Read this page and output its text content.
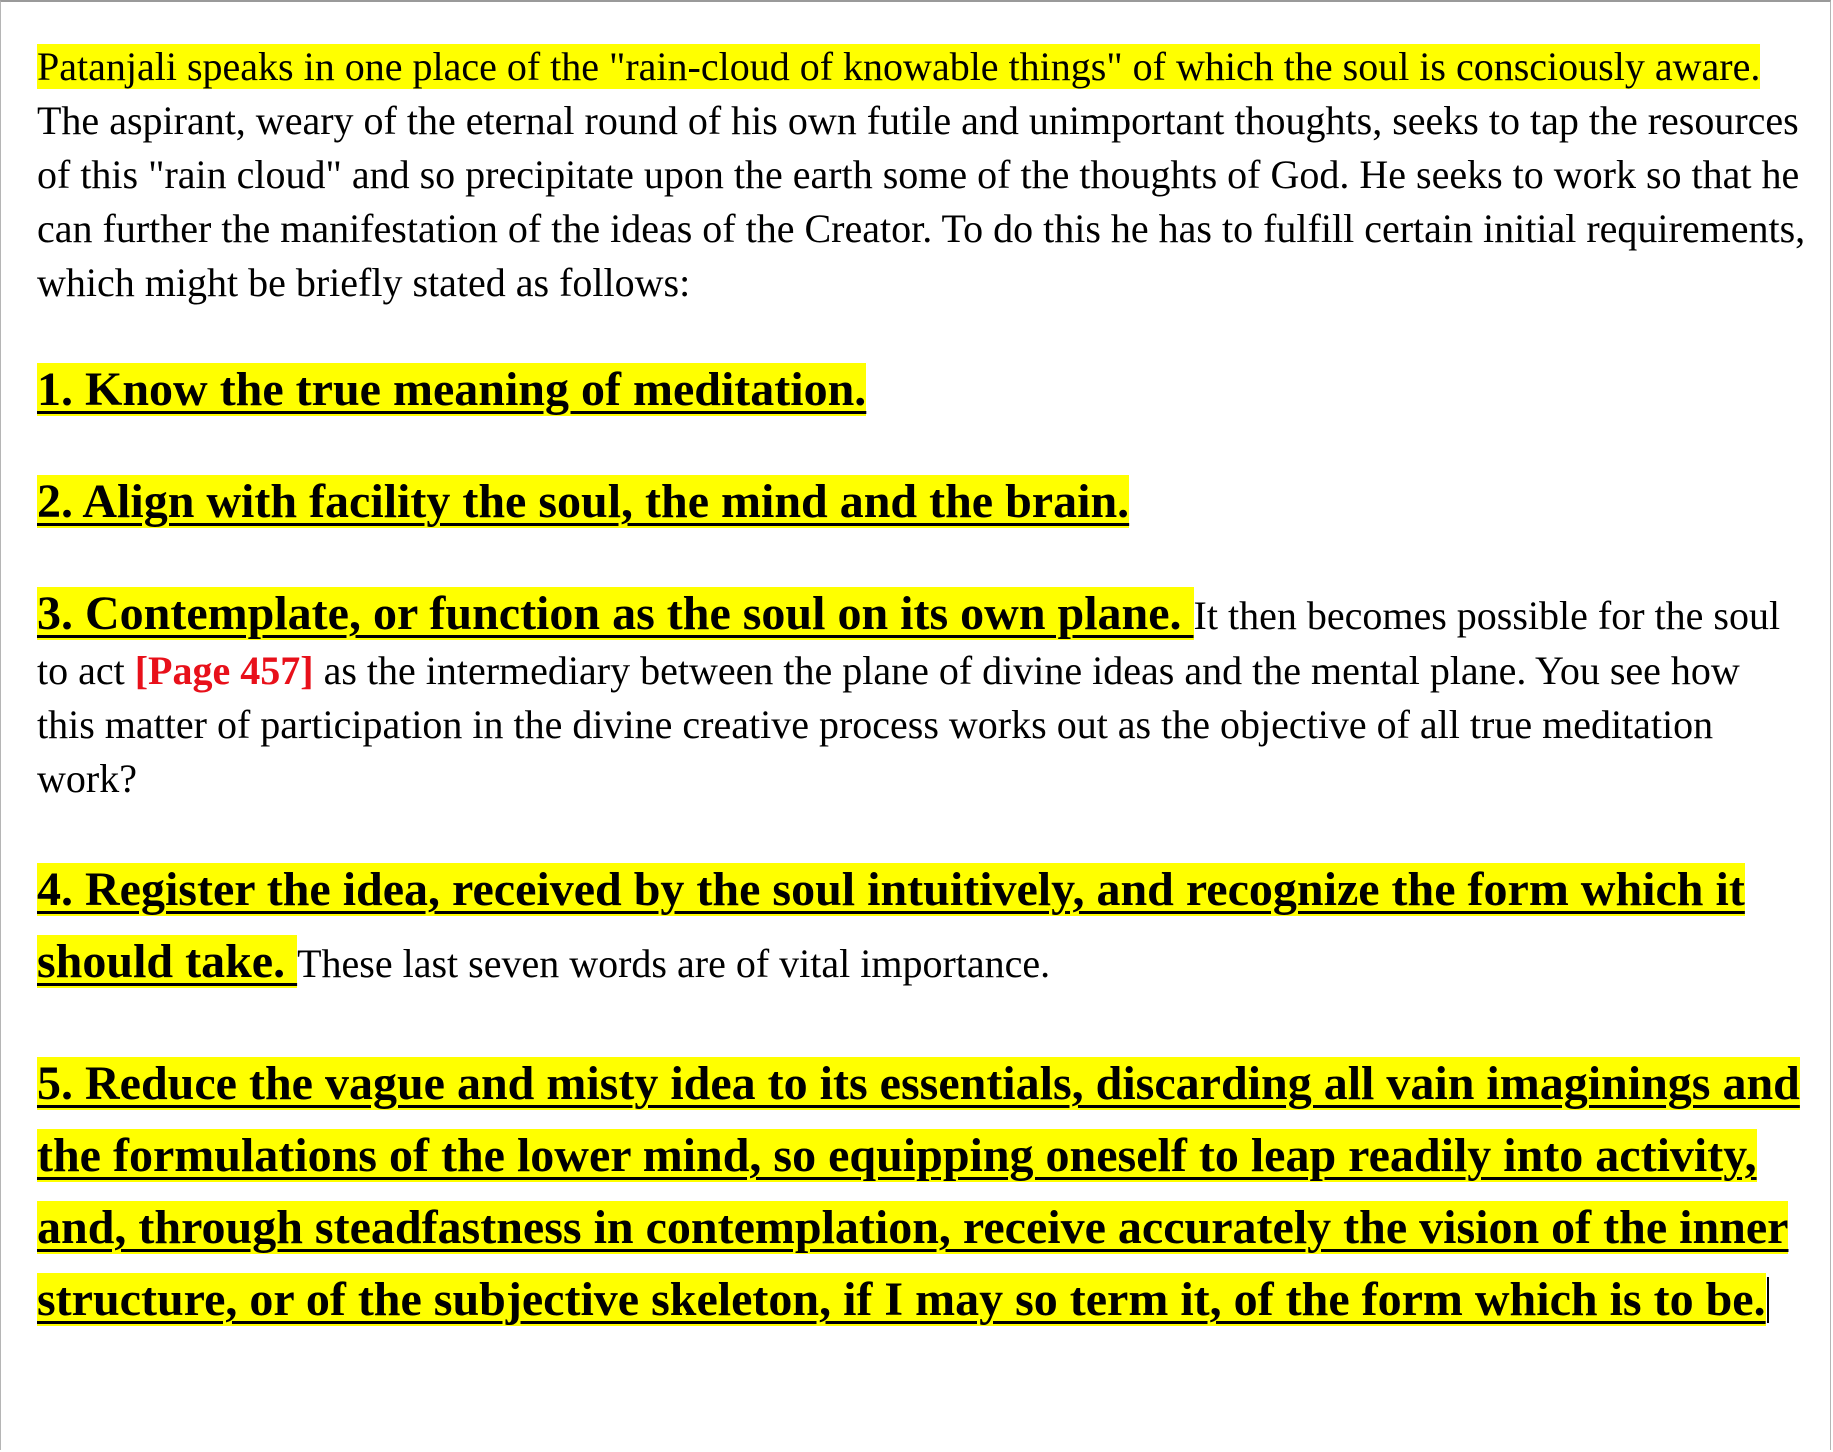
Patanjali speaks in one place of the "rain-cloud of knowable things" of which the soul is consciously aware. The aspirant, weary of the eternal round of his own futile and unimportant thoughts, seeks to tap the resources of this "rain cloud" and so precipitate upon the earth some of the thoughts of God. He seeks to work so that he can further the manifestation of the ideas of the Creator. To do this he has to fulfill certain initial requirements, which might be briefly stated as follows:

1. Know the true meaning of meditation.

2. Align with facility the soul, the mind and the brain.

3. Contemplate, or function as the soul on its own plane. It then becomes possible for the soul to act [Page 457] as the intermediary between the plane of divine ideas and the mental plane. You see how this matter of participation in the divine creative process works out as the objective of all true meditation work?

4. Register the idea, received by the soul intuitively, and recognize the form which it should take. These last seven words are of vital importance.

5. Reduce the vague and misty idea to its essentials, discarding all vain imaginings and the formulations of the lower mind, so equipping oneself to leap readily into activity, and, through steadfastness in contemplation, receive accurately the vision of the inner structure, or of the subjective skeleton, if I may so term it, of the form which is to be.
